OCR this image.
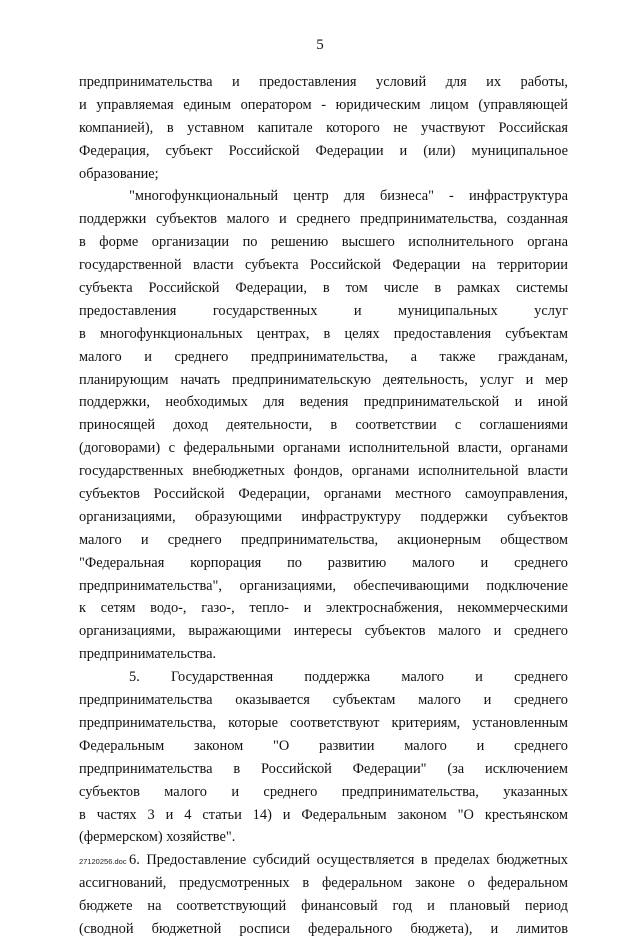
5
предпринимательства и предоставления условий для их работы,
и управляемая единым оператором - юридическим лицом (управляющей
компанией), в уставном капитале которого не участвуют Российская
Федерация, субъект Российской Федерации и (или) муниципальное
образование;
"многофункциональный центр для бизнеса" - инфраструктура
поддержки субъектов малого и среднего предпринимательства, созданная
в форме организации по решению высшего исполнительного органа
государственной власти субъекта Российской Федерации на территории
субъекта Российской Федерации, в том числе в рамках системы
предоставления государственных и муниципальных услуг
в многофункциональных центрах, в целях предоставления субъектам
малого и среднего предпринимательства, а также гражданам,
планирующим начать предпринимательскую деятельность, услуг и мер
поддержки, необходимых для ведения предпринимательской и иной
приносящей доход деятельности, в соответствии с соглашениями
(договорами) с федеральными органами исполнительной власти, органами
государственных внебюджетных фондов, органами исполнительной власти
субъектов Российской Федерации, органами местного самоуправления,
организациями, образующими инфраструктуру поддержки субъектов
малого и среднего предпринимательства, акционерным обществом
"Федеральная корпорация по развитию малого и среднего
предпринимательства", организациями, обеспечивающими подключение
к сетям водо-, газо-, тепло- и электроснабжения, некоммерческими
организациями, выражающими интересы субъектов малого и среднего
предпринимательства.
5. Государственная поддержка малого и среднего
предпринимательства оказывается субъектам малого и среднего
предпринимательства, которые соответствуют критериям, установленным
Федеральным законом "О развитии малого и среднего
предпринимательства в Российской Федерации" (за исключением
субъектов малого и среднего предпринимательства, указанных
в частях 3 и 4 статьи 14) и Федеральным законом "О крестьянском
(фермерском) хозяйстве".
6. Предоставление субсидий осуществляется в пределах бюджетных
ассигнований, предусмотренных в федеральном законе о федеральном
бюджете на соответствующий финансовый год и плановый период
(сводной бюджетной росписи федерального бюджета), и лимитов
27120256.doc
